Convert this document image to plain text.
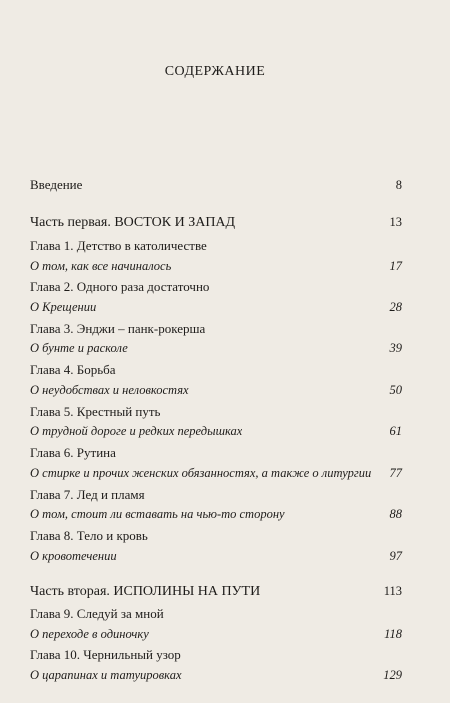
СОДЕРЖАНИЕ
Введение	8
Часть первая. ВОСТОК И ЗАПАД	13
Глава 1. Детство в католичестве
О том, как все начиналось	17
Глава 2. Одного раза достаточно
О Крещении	28
Глава 3. Энджи – панк-рокерша
О бунте и расколе	39
Глава 4. Борьба
О неудобствах и неловкостях	50
Глава 5. Крестный путь
О трудной дороге и редких передышках	61
Глава 6. Рутина
О стирке и прочих женских обязанностях, а также о литургии 77
Глава 7. Лед и пламя
О том, стоит ли вставать на чью-то сторону	88
Глава 8. Тело и кровь
О кровотечении	97
Часть вторая. ИСПОЛИНЫ НА ПУТИ	113
Глава 9. Следуй за мной
О переходе в одиночку	118
Глава 10. Чернильный узор
О царапинах и татуировках	129
